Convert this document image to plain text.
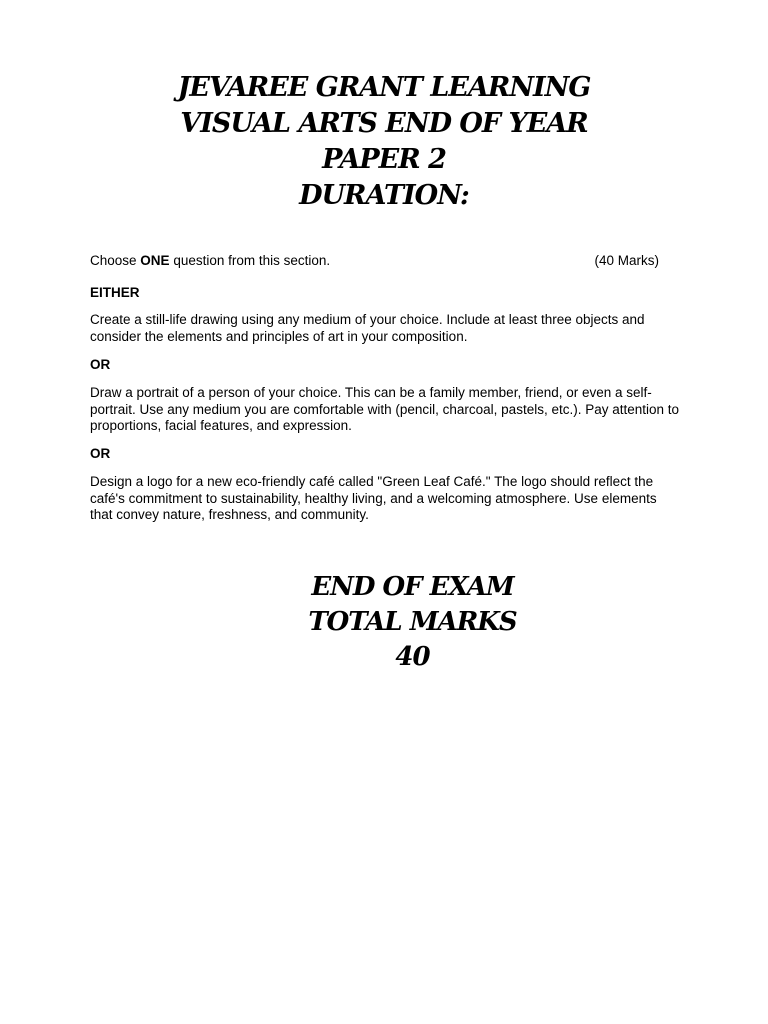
JEVAREE GRANT LEARNING
VISUAL ARTS END OF YEAR
PAPER 2
DURATION:
Choose ONE question from this section.	(40 Marks)
EITHER
Create a still-life drawing using any medium of your choice. Include at least three objects and consider the elements and principles of art in your composition.
OR
Draw a portrait of a person of your choice. This can be a family member, friend, or even a self-portrait. Use any medium you are comfortable with (pencil, charcoal, pastels, etc.). Pay attention to proportions, facial features, and expression.
OR
Design a logo for a new eco-friendly café called "Green Leaf Café." The logo should reflect the café's commitment to sustainability, healthy living, and a welcoming atmosphere. Use elements that convey nature, freshness, and community.
END OF EXAM
TOTAL MARKS
40
